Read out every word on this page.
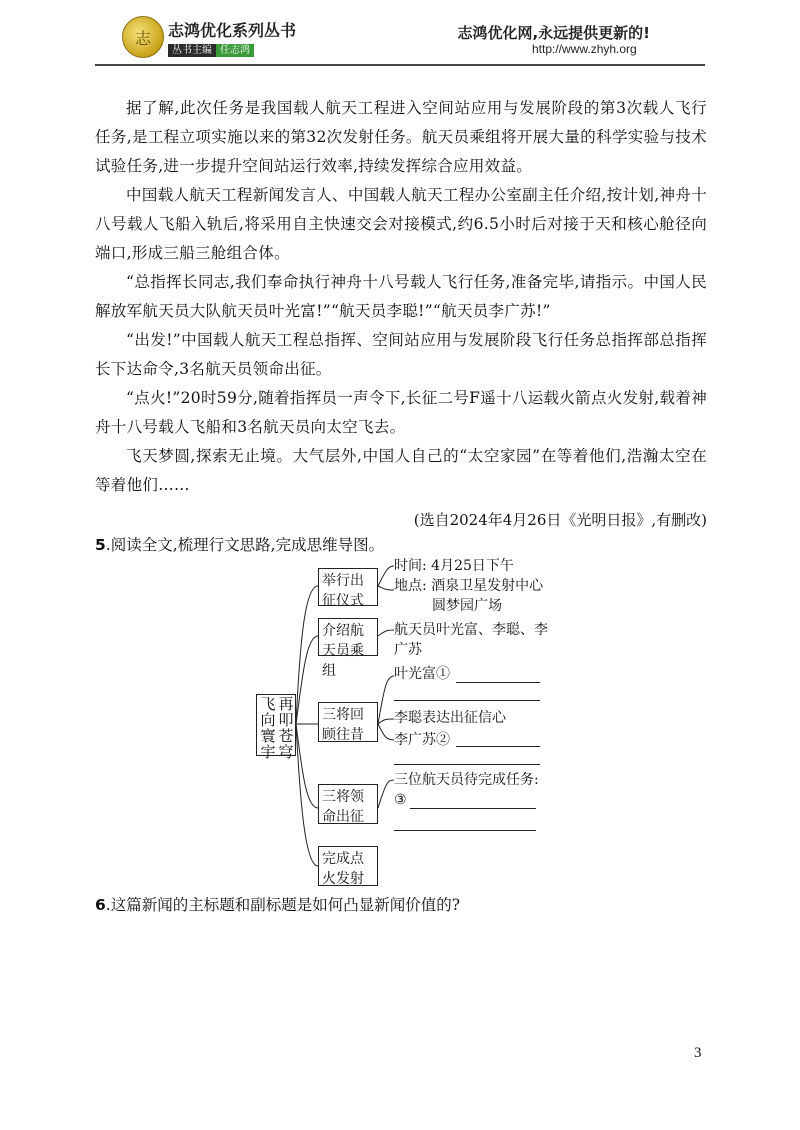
志	志鸿优化系列丛书
丛书主编 任志鸿
志鸿优化网,永远提供更新的!
http://www.zhyh.org

据了解,此次任务是我国载人航天工程进入空间站应用与发展阶段的第3次载人飞行任务,是工程立项实施以来的第32次发射任务。航天员乘组将开展大量的科学实验与技术试验任务,进一步提升空间站运行效率,持续发挥综合应用效益。

中国载人航天工程新闻发言人、中国载人航天工程办公室副主任介绍,按计划,神舟十八号载人飞船入轨后,将采用自主快速交会对接模式,约6.5小时后对接于天和核心舱径向端口,形成三船三舱组合体。

“总指挥长同志,我们奉命执行神舟十八号载人飞行任务,准备完毕,请指示。中国人民解放军航天员大队航天员叶光富!”“航天员李聪!”“航天员李广苏!”

“出发!”中国载人航天工程总指挥、空间站应用与发展阶段飞行任务总指挥部总指挥长下达命令,3名航天员领命出征。

“点火!”20时59分,随着指挥员一声令下,长征二号F遥十八运载火箭点火发射,载着神舟十八号载人飞船和3名航天员向太空飞去。

飞天梦圆,探索无止境。大气层外,中国人自己的“太空家园”在等着他们,浩瀚太空在等着他们……

(选自2024年4月26日《光明日报》,有删改)

5.阅读全文,梳理行文思路,完成思维导图。

再叩苍穹
飞向寰宇
举行出征仪式
介绍航天员乘组
三将回顾往昔
三将领命出征
完成点火发射
时间: 4月25日下午
地点: 酒泉卫星发射中心
圆梦园广场
航天员叶光富、李聪、李
广苏
叶光富①
李聪表达出征信心
李广苏②
三位航天员待完成任务:
③

6.这篇新闻的主标题和副标题是如何凸显新闻价值的?

3
